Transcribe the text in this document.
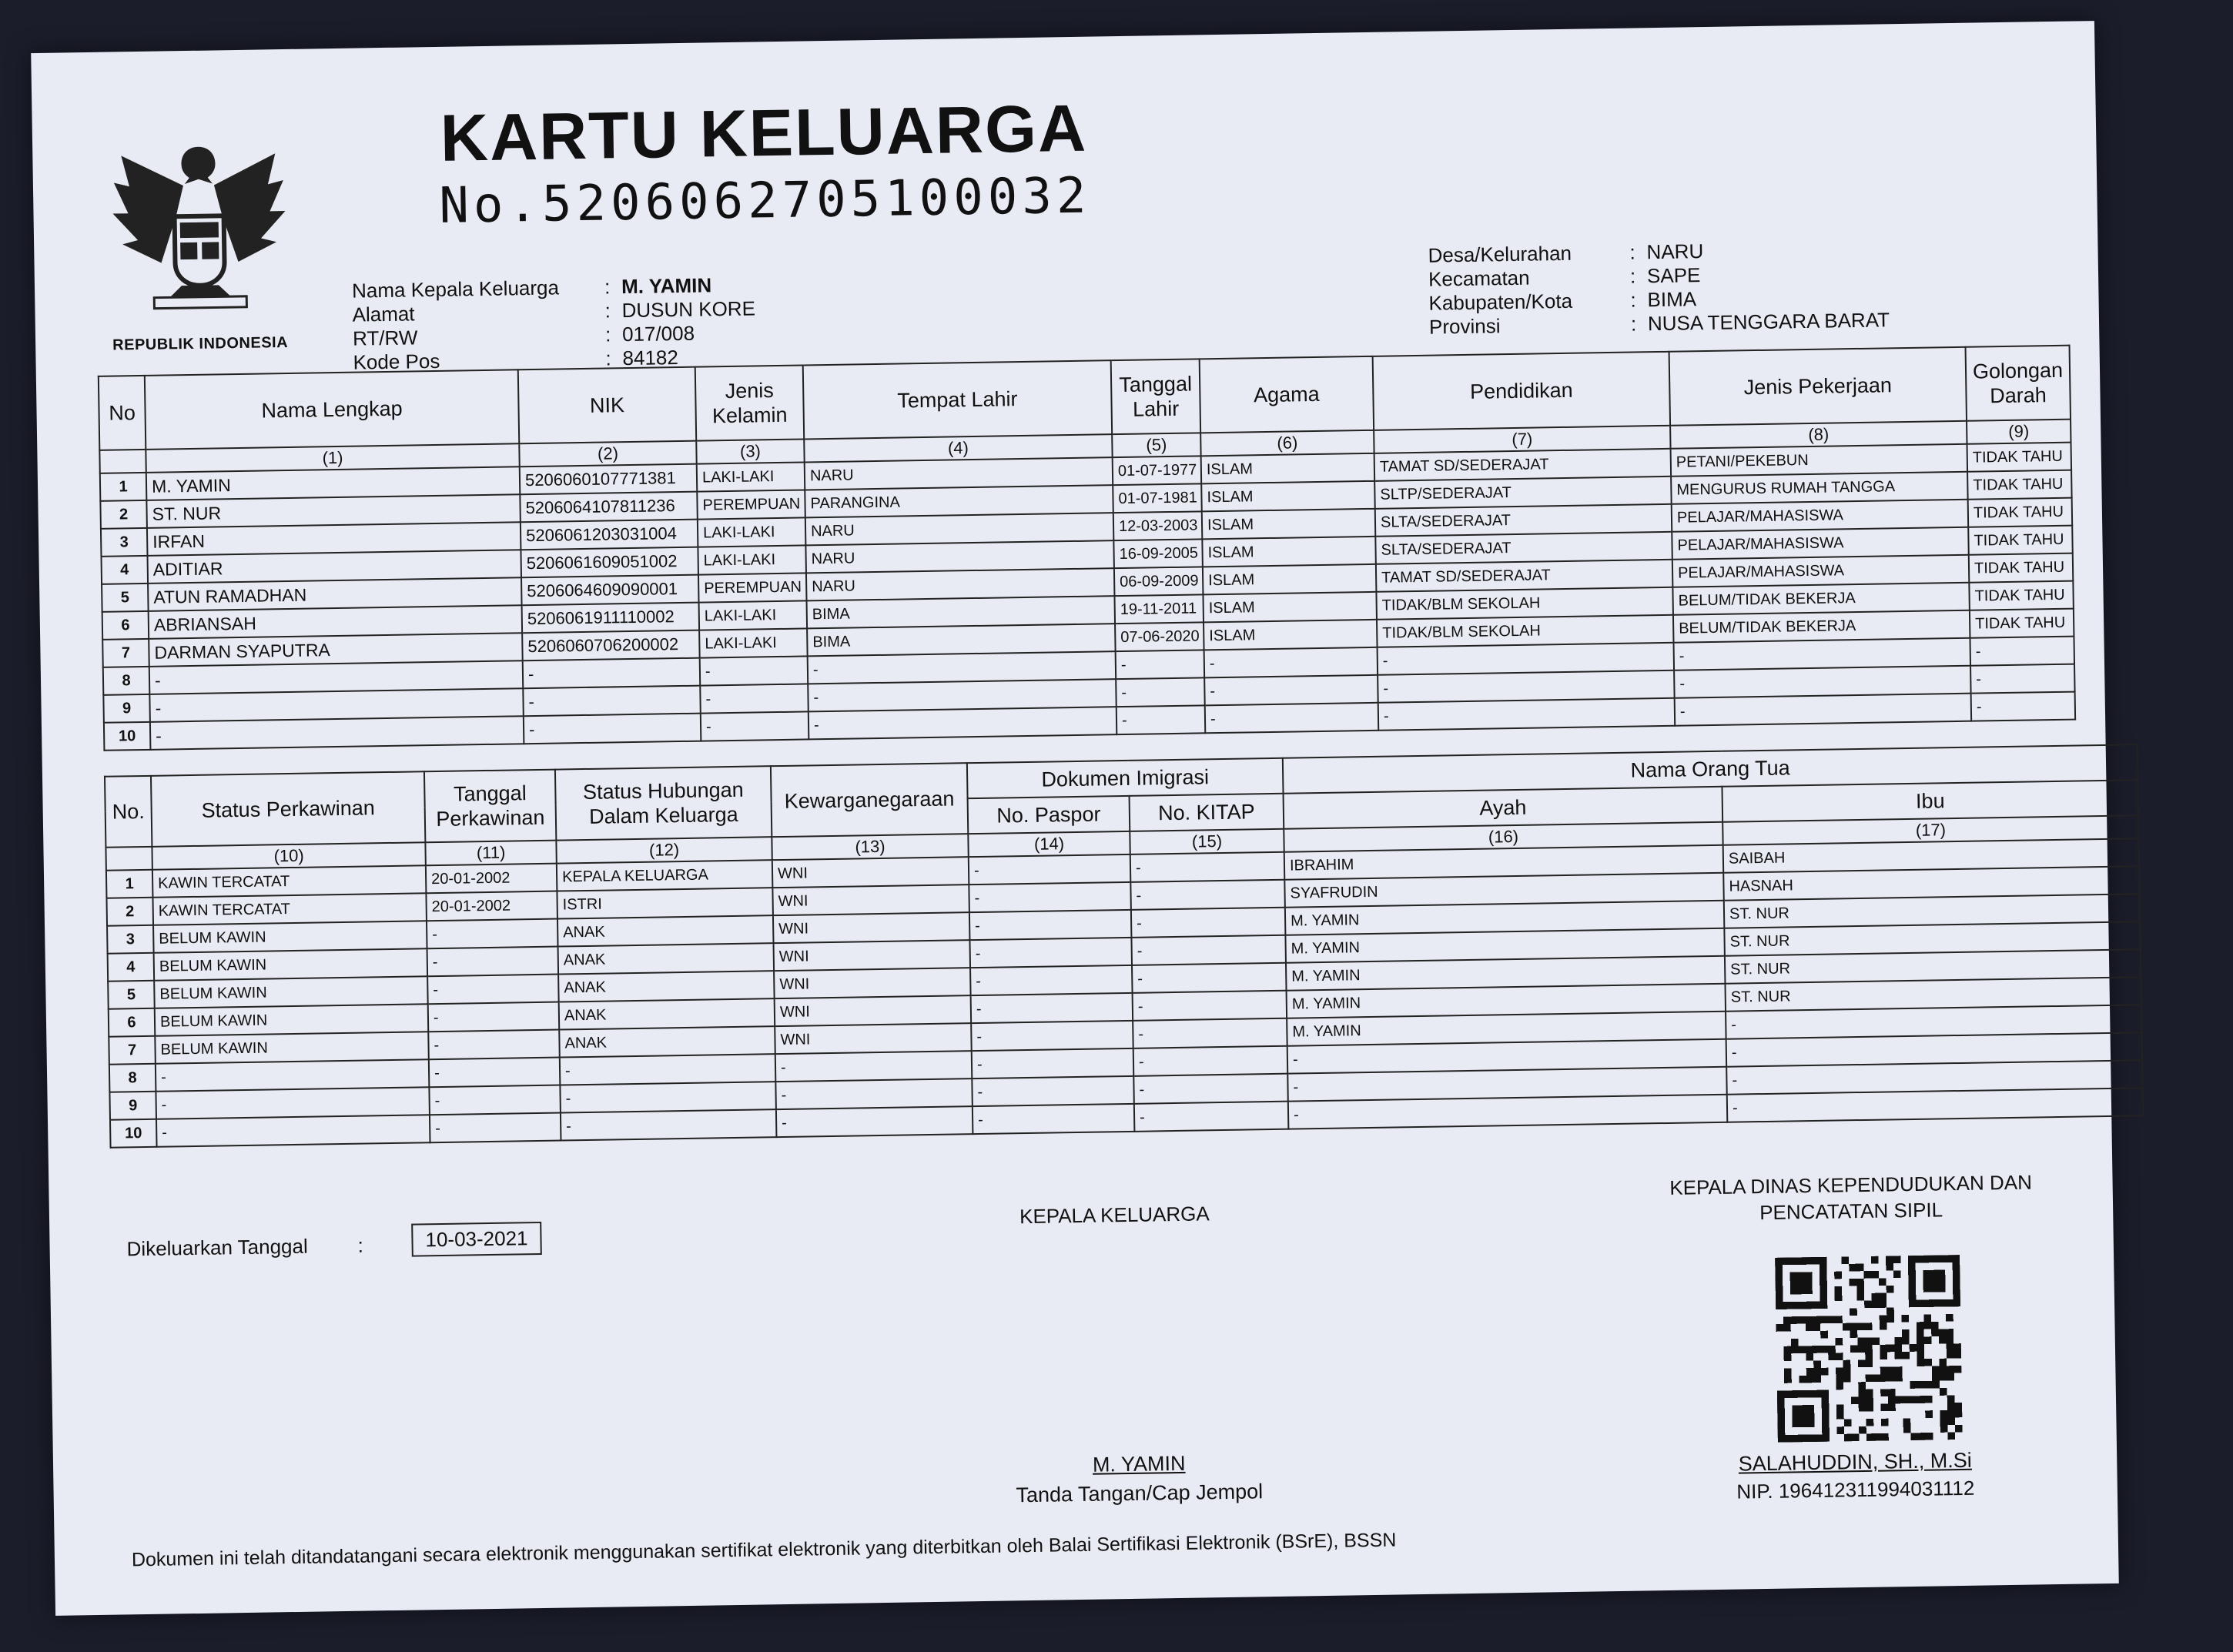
REPUBLIK INDONESIA
KARTU KELUARGA
No.5206062705100032
Nama Kepala Keluarga
Alamat
RT/RW
Kode Pos
:
:
:
:
M. YAMIN
DUSUN KORE
017/008
84182
Desa/Kelurahan
Kecamatan
Kabupaten/Kota
Provinsi
:
:
:
:
NARU
SAPE
BIMA
NUSA TENGGARA BARAT
No	Nama Lengkap	NIK	Jenis Kelamin	Tempat Lahir	Tanggal Lahir	Agama	Pendidikan	Jenis Pekerjaan	Golongan Darah
	(1)	(2)	(3)	(4)	(5)	(6)	(7)	(8)	(9)
1	M. YAMIN	5206060107771381	LAKI-LAKI	NARU	01-07-1977	ISLAM	TAMAT SD/SEDERAJAT	PETANI/PEKEBUN	TIDAK TAHU
2	ST. NUR	5206064107811236	PEREMPUAN	PARANGINA	01-07-1981	ISLAM	SLTP/SEDERAJAT	MENGURUS RUMAH TANGGA	TIDAK TAHU
3	IRFAN	5206061203031004	LAKI-LAKI	NARU	12-03-2003	ISLAM	SLTA/SEDERAJAT	PELAJAR/MAHASISWA	TIDAK TAHU
4	ADITIAR	5206061609051002	LAKI-LAKI	NARU	16-09-2005	ISLAM	SLTA/SEDERAJAT	PELAJAR/MAHASISWA	TIDAK TAHU
5	ATUN RAMADHAN	5206064609090001	PEREMPUAN	NARU	06-09-2009	ISLAM	TAMAT SD/SEDERAJAT	PELAJAR/MAHASISWA	TIDAK TAHU
6	ABRIANSAH	5206061911110002	LAKI-LAKI	BIMA	19-11-2011	ISLAM	TIDAK/BLM SEKOLAH	BELUM/TIDAK BEKERJA	TIDAK TAHU
7	DARMAN SYAPUTRA	5206060706200002	LAKI-LAKI	BIMA	07-06-2020	ISLAM	TIDAK/BLM SEKOLAH	BELUM/TIDAK BEKERJA	TIDAK TAHU
8	-	-	-	-	-	-	-	-	-
9	-	-	-	-	-	-	-	-	-
10	-	-	-	-	-	-	-	-	-
No.	Status Perkawinan	Tanggal Perkawinan	Status Hubungan Dalam Keluarga	Kewarganegaraan	Dokumen Imigrasi		Nama Orang Tua	
					No. Paspor	No. KITAP	Ayah	Ibu
	(10)	(11)	(12)	(13)	(14)	(15)	(16)	(17)
1	KAWIN TERCATAT	20-01-2002	KEPALA KELUARGA	WNI	-	-	IBRAHIM	SAIBAH
2	KAWIN TERCATAT	20-01-2002	ISTRI	WNI	-	-	SYAFRUDIN	HASNAH
3	BELUM KAWIN	-	ANAK	WNI	-	-	M. YAMIN	ST. NUR
4	BELUM KAWIN	-	ANAK	WNI	-	-	M. YAMIN	ST. NUR
5	BELUM KAWIN	-	ANAK	WNI	-	-	M. YAMIN	ST. NUR
6	BELUM KAWIN	-	ANAK	WNI	-	-	M. YAMIN	ST. NUR
7	BELUM KAWIN	-	ANAK	WNI	-	-	M. YAMIN	-
8	-	-	-	-	-	-	-	-
9	-	-	-	-	-	-	-	-
10	-	-	-	-	-	-	-	-
Dikeluarkan Tanggal :	10-03-2021
KEPALA KELUARGA
M. YAMIN
Tanda Tangan/Cap Jempol
KEPALA DINAS KEPENDUDUKAN DAN PENCATATAN SIPIL
SALAHUDDIN, SH., M.Si
NIP. 196412311994031112
Dokumen ini telah ditandatangani secara elektronik menggunakan sertifikat elektronik yang diterbitkan oleh Balai Sertifikasi Elektronik (BSrE), BSSN
